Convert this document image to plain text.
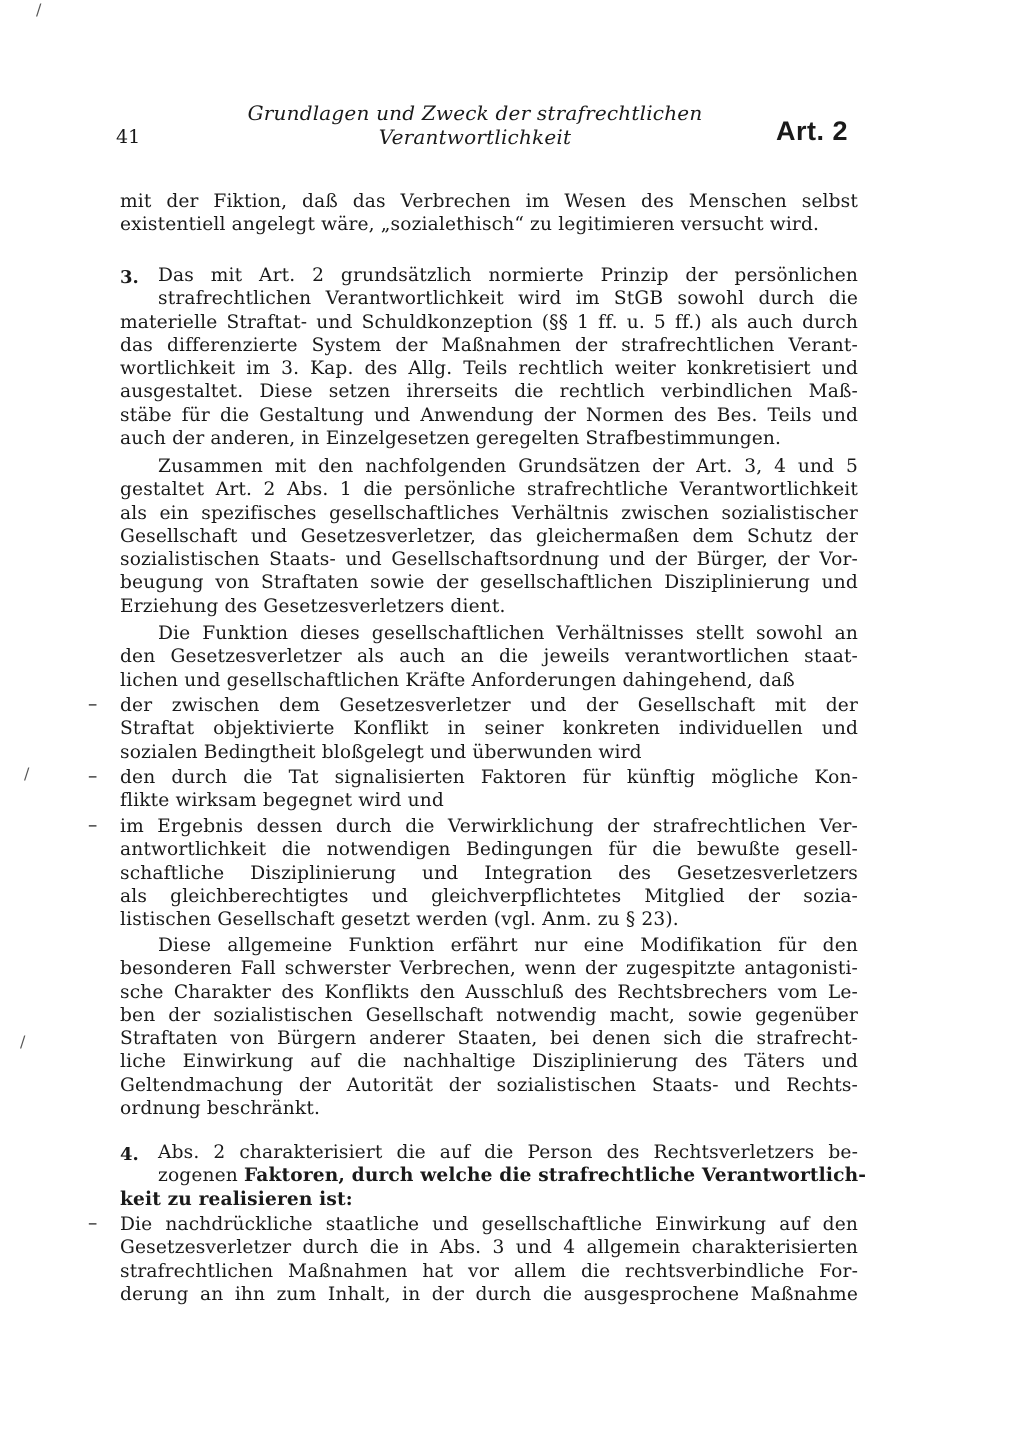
41
Grundlagen und Zweck der strafrechtlichen
Verantwortlichkeit	Art. 2
/
/
/
mit der Fiktion, daß das Verbrechen im Wesen des Menschen selbst
existentiell angelegt wäre, „sozialethisch“ zu legitimieren versucht wird.
3.	Das mit Art. 2 grundsätzlich normierte Prinzip der persönlichen
strafrechtlichen Verantwortlichkeit wird im StGB sowohl durch die
materielle Straftat- und Schuldkonzeption (§§ 1 ff. u. 5 ff.) als auch durch
das differenzierte System der Maßnahmen der strafrechtlichen Verant-
wortlichkeit im 3. Kap. des Allg. Teils rechtlich weiter konkretisiert und
ausgestaltet. Diese setzen ihrerseits die rechtlich verbindlichen Maß-
stäbe für die Gestaltung und Anwendung der Normen des Bes. Teils und
auch der anderen, in Einzelgesetzen geregelten Strafbestimmungen.
Zusammen mit den nachfolgenden Grundsätzen der Art. 3, 4 und 5
gestaltet Art. 2 Abs. 1 die persönliche strafrechtliche Verantwortlichkeit
als ein spezifisches gesellschaftliches Verhältnis zwischen sozialistischer
Gesellschaft und Gesetzesverletzer, das gleichermaßen dem Schutz der
sozialistischen Staats- und Gesellschaftsordnung und der Bürger, der Vor-
beugung von Straftaten sowie der gesellschaftlichen Disziplinierung und
Erziehung des Gesetzesverletzers dient.
Die Funktion dieses gesellschaftlichen Verhältnisses stellt sowohl an
den Gesetzesverletzer als auch an die jeweils verantwortlichen staat-
lichen und gesellschaftlichen Kräfte Anforderungen dahingehend, daß
– der zwischen dem Gesetzesverletzer und der Gesellschaft mit der
Straftat objektivierte Konflikt in seiner konkreten individuellen und
sozialen Bedingtheit bloßgelegt und überwunden wird
– den durch die Tat signalisierten Faktoren für künftig mögliche Kon-
flikte wirksam begegnet wird und
– im Ergebnis dessen durch die Verwirklichung der strafrechtlichen Ver-
antwortlichkeit die notwendigen Bedingungen für die bewußte gesell-
schaftliche Disziplinierung und Integration des Gesetzesverletzers
als gleichberechtigtes und gleichverpflichtetes Mitglied der sozia-
listischen Gesellschaft gesetzt werden (vgl. Anm. zu § 23).
Diese allgemeine Funktion erfährt nur eine Modifikation für den
besonderen Fall schwerster Verbrechen, wenn der zugespitzte antagonisti-
sche Charakter des Konflikts den Ausschluß des Rechtsbrechers vom Le-
ben der sozialistischen Gesellschaft notwendig macht, sowie gegenüber
Straftaten von Bürgern anderer Staaten, bei denen sich die strafrecht-
liche Einwirkung auf die nachhaltige Disziplinierung des Täters und
Geltendmachung der Autorität der sozialistischen Staats- und Rechts-
ordnung beschränkt.
4.	Abs. 2 charakterisiert die auf die Person des Rechtsverletzers be-
zogenen Faktoren, durch welche die strafrechtliche Verantwortlich-
keit zu realisieren ist:
– Die nachdrückliche staatliche und gesellschaftliche Einwirkung auf den
Gesetzesverletzer durch die in Abs. 3 und 4 allgemein charakterisierten
strafrechtlichen Maßnahmen hat vor allem die rechtsverbindliche For-
derung an ihn zum Inhalt, in der durch die ausgesprochene Maßnahme
